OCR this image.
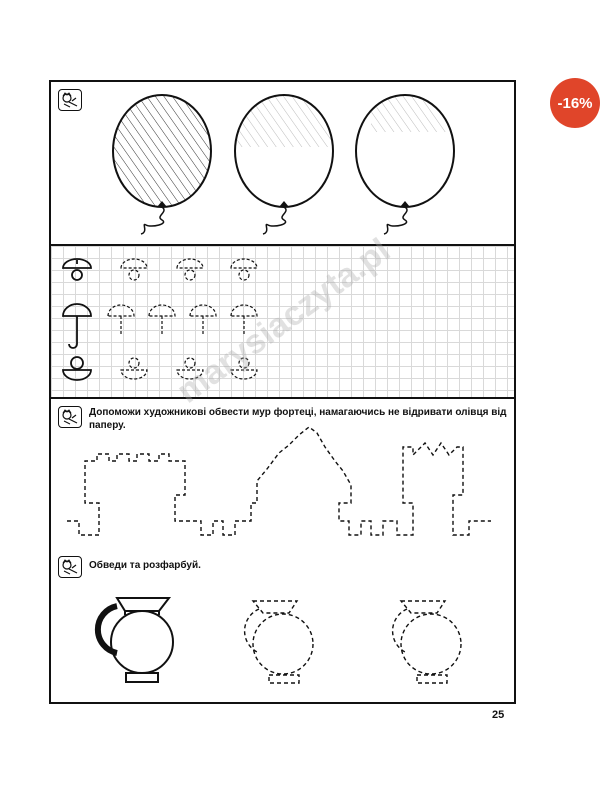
-16%
Допоможи художникові обвести мур фортеці, намагаючись не відривати олівця від паперу.
Обведи та розфарбуй.
marysiaczyta.pl
25
